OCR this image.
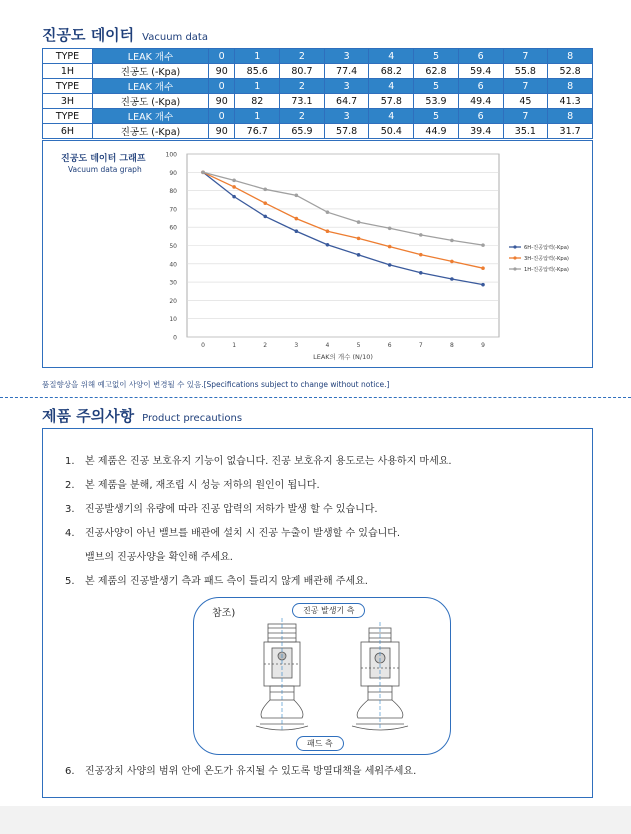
진공도 데이터 Vacuum data
TYPE	LEAK 개수	0	1	2	3	4	5	6	7	8
1H	진공도 (-Kpa)	90	85.6	80.7	77.4	68.2	62.8	59.4	55.8	52.8
TYPE	LEAK 개수	0	1	2	3	4	5	6	7	8
3H	진공도 (-Kpa)	90	82	73.1	64.7	57.8	53.9	49.4	45	41.3
TYPE	LEAK 개수	0	1	2	3	4	5	6	7	8
6H	진공도 (-Kpa)	90	76.7	65.9	57.8	50.4	44.9	39.4	35.1	31.7
진공도 데이터 그래프
Vacuum data graph
0
10
20
30
40
50
60
70
80
90
100
0	1	2	3	4	5	6	7	8	9
LEAK의 개수 (N/10)
6H-진공압력(-Kpa)
3H-진공압력(-Kpa)
1H-진공압력(-Kpa)
품질향상을 위해 예고없이 사양이 변경될 수 있음.[Specifications subject to change without notice.]
제품 주의사항 Product precautions
1. 본 제품은 진공 보호유지 기능이 없습니다. 진공 보호유지 용도로는 사용하지 마세요.
2. 본 제품을 분해, 재조립 시 성능 저하의 원인이 됩니다.
3. 진공발생기의 유량에 따라 진공 압력의 저하가 발생 할 수 있습니다.
4. 진공사양이 아닌 밸브를 배관에 설치 시 진공 누출이 발생할 수 있습니다.
밸브의 진공사양을 확인해 주세요.
5. 본 제품의 진공발생기 측과 패드 측이 틀리지 않게 배관해 주세요.
6. 진공장치 사양의 범위 안에 온도가 유지될 수 있도록 방열대책을 세워주세요.
참조)	진공 발생기 측
패드 측
